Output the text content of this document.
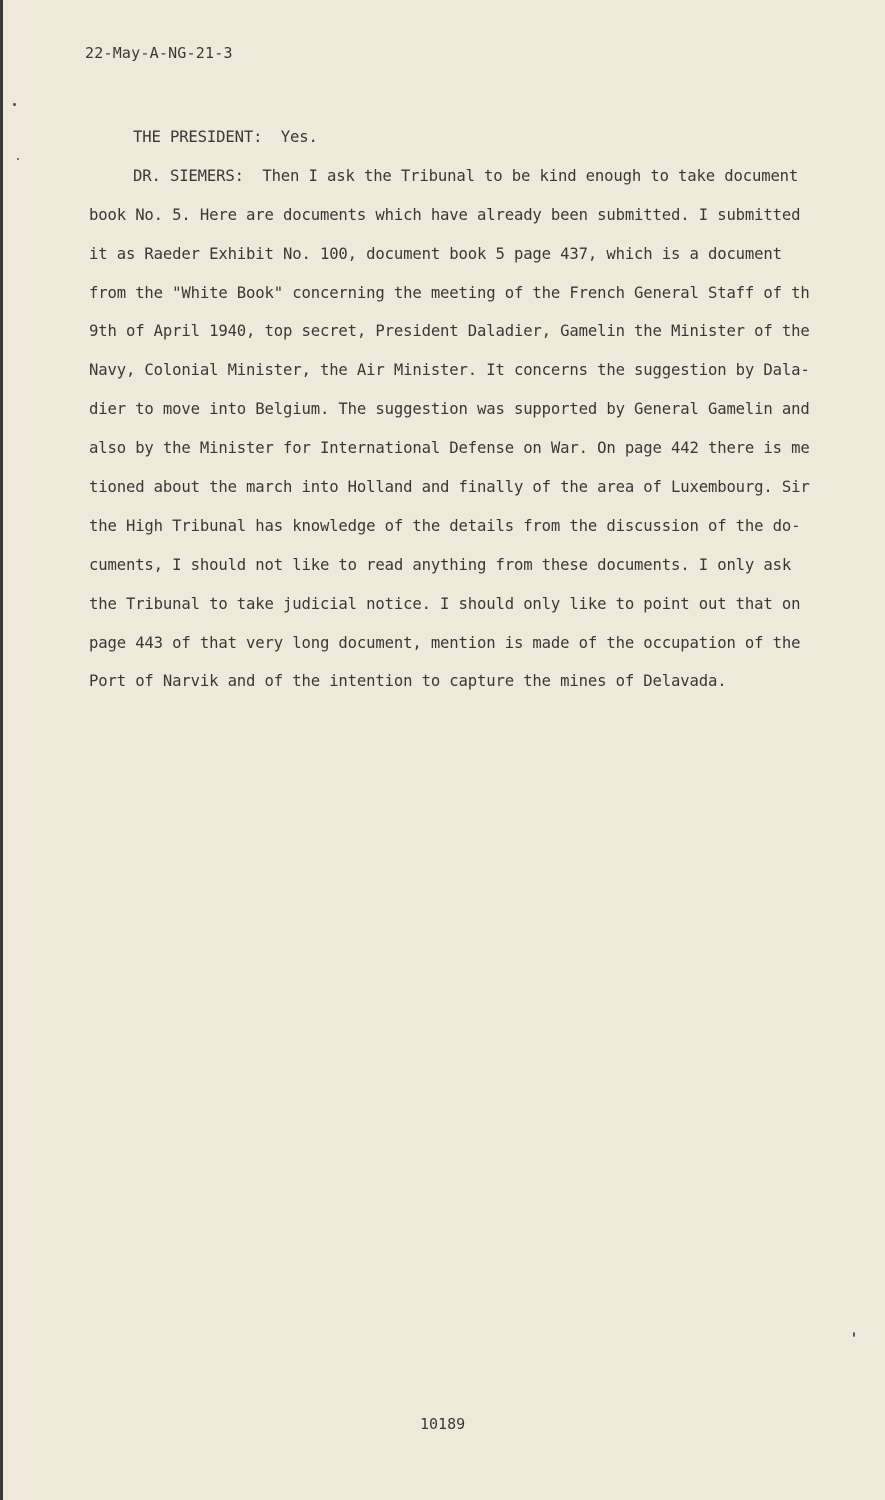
22-May-A-NG-21-3
THE PRESIDENT:  Yes.
DR. SIEMERS:  Then I ask the Tribunal to be kind enough to take document
book No. 5. Here are documents which have already been submitted. I submitted
it as Raeder Exhibit No. 100, document book 5 page 437, which is a document
from the "White Book" concerning the meeting of the French General Staff of th
9th of April 1940, top secret, President Daladier, Gamelin the Minister of the
Navy, Colonial Minister, the Air Minister. It concerns the suggestion by Dala-
dier to move into Belgium. The suggestion was supported by General Gamelin and
also by the Minister for International Defense on War. On page 442 there is me
tioned about the march into Holland and finally of the area of Luxembourg. Sir
the High Tribunal has knowledge of the details from the discussion of the do-
cuments, I should not like to read anything from these documents. I only ask
the Tribunal to take judicial notice. I should only like to point out that on
page 443 of that very long document, mention is made of the occupation of the
Port of Narvik and of the intention to capture the mines of Delavada.
10189
